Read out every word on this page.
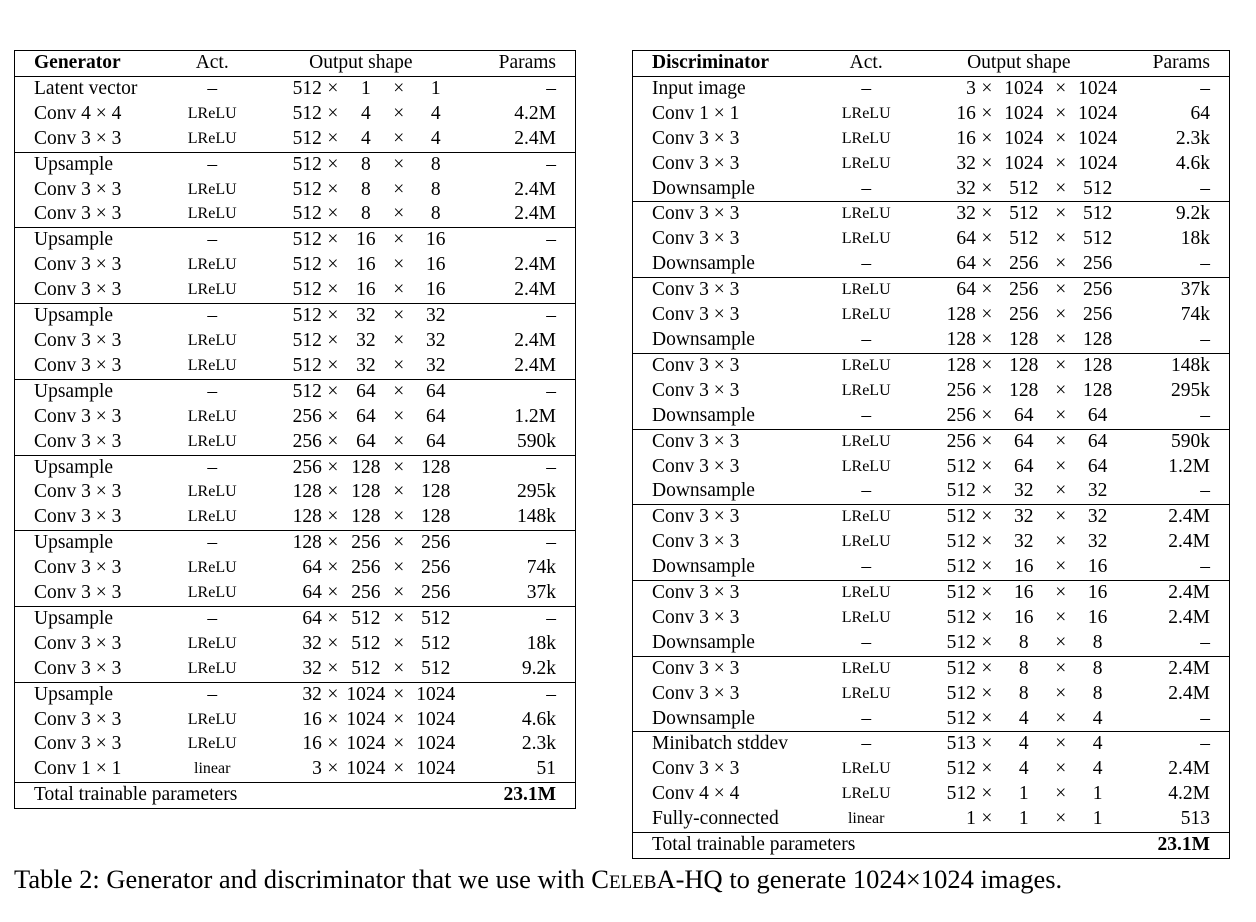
Generator	Act.	Output shape					Params
Latent vector	–	512	×	1	×	1	–
Conv 4 × 4	LReLU	512	×	4	×	4	4.2M
Conv 3 × 3	LReLU	512	×	4	×	4	2.4M
Upsample	–	512	×	8	×	8	–
Conv 3 × 3	LReLU	512	×	8	×	8	2.4M
Conv 3 × 3	LReLU	512	×	8	×	8	2.4M
Upsample	–	512	×	16	×	16	–
Conv 3 × 3	LReLU	512	×	16	×	16	2.4M
Conv 3 × 3	LReLU	512	×	16	×	16	2.4M
Upsample	–	512	×	32	×	32	–
Conv 3 × 3	LReLU	512	×	32	×	32	2.4M
Conv 3 × 3	LReLU	512	×	32	×	32	2.4M
Upsample	–	512	×	64	×	64	–
Conv 3 × 3	LReLU	256	×	64	×	64	1.2M
Conv 3 × 3	LReLU	256	×	64	×	64	590k
Upsample	–	256	×	128	×	128	–
Conv 3 × 3	LReLU	128	×	128	×	128	295k
Conv 3 × 3	LReLU	128	×	128	×	128	148k
Upsample	–	128	×	256	×	256	–
Conv 3 × 3	LReLU	64	×	256	×	256	74k
Conv 3 × 3	LReLU	64	×	256	×	256	37k
Upsample	–	64	×	512	×	512	–
Conv 3 × 3	LReLU	32	×	512	×	512	18k
Conv 3 × 3	LReLU	32	×	512	×	512	9.2k
Upsample	–	32	×	1024	×	1024	–
Conv 3 × 3	LReLU	16	×	1024	×	1024	4.6k
Conv 3 × 3	LReLU	16	×	1024	×	1024	2.3k
Conv 1 × 1	linear	3	×	1024	×	1024	51
Total trainable parameters							23.1M
Discriminator	Act.	Output shape					Params
Input image	–	3	×	1024	×	1024	–
Conv 1 × 1	LReLU	16	×	1024	×	1024	64
Conv 3 × 3	LReLU	16	×	1024	×	1024	2.3k
Conv 3 × 3	LReLU	32	×	1024	×	1024	4.6k
Downsample	–	32	×	512	×	512	–
Conv 3 × 3	LReLU	32	×	512	×	512	9.2k
Conv 3 × 3	LReLU	64	×	512	×	512	18k
Downsample	–	64	×	256	×	256	–
Conv 3 × 3	LReLU	64	×	256	×	256	37k
Conv 3 × 3	LReLU	128	×	256	×	256	74k
Downsample	–	128	×	128	×	128	–
Conv 3 × 3	LReLU	128	×	128	×	128	148k
Conv 3 × 3	LReLU	256	×	128	×	128	295k
Downsample	–	256	×	64	×	64	–
Conv 3 × 3	LReLU	256	×	64	×	64	590k
Conv 3 × 3	LReLU	512	×	64	×	64	1.2M
Downsample	–	512	×	32	×	32	–
Conv 3 × 3	LReLU	512	×	32	×	32	2.4M
Conv 3 × 3	LReLU	512	×	32	×	32	2.4M
Downsample	–	512	×	16	×	16	–
Conv 3 × 3	LReLU	512	×	16	×	16	2.4M
Conv 3 × 3	LReLU	512	×	16	×	16	2.4M
Downsample	–	512	×	8	×	8	–
Conv 3 × 3	LReLU	512	×	8	×	8	2.4M
Conv 3 × 3	LReLU	512	×	8	×	8	2.4M
Downsample	–	512	×	4	×	4	–
Minibatch stddev	–	513	×	4	×	4	–
Conv 3 × 3	LReLU	512	×	4	×	4	2.4M
Conv 4 × 4	LReLU	512	×	1	×	1	4.2M
Fully-connected	linear	1	×	1	×	1	513
Total trainable parameters							23.1M
Table 2: Generator and discriminator that we use with CelebA-HQ to generate 1024×1024 images.
